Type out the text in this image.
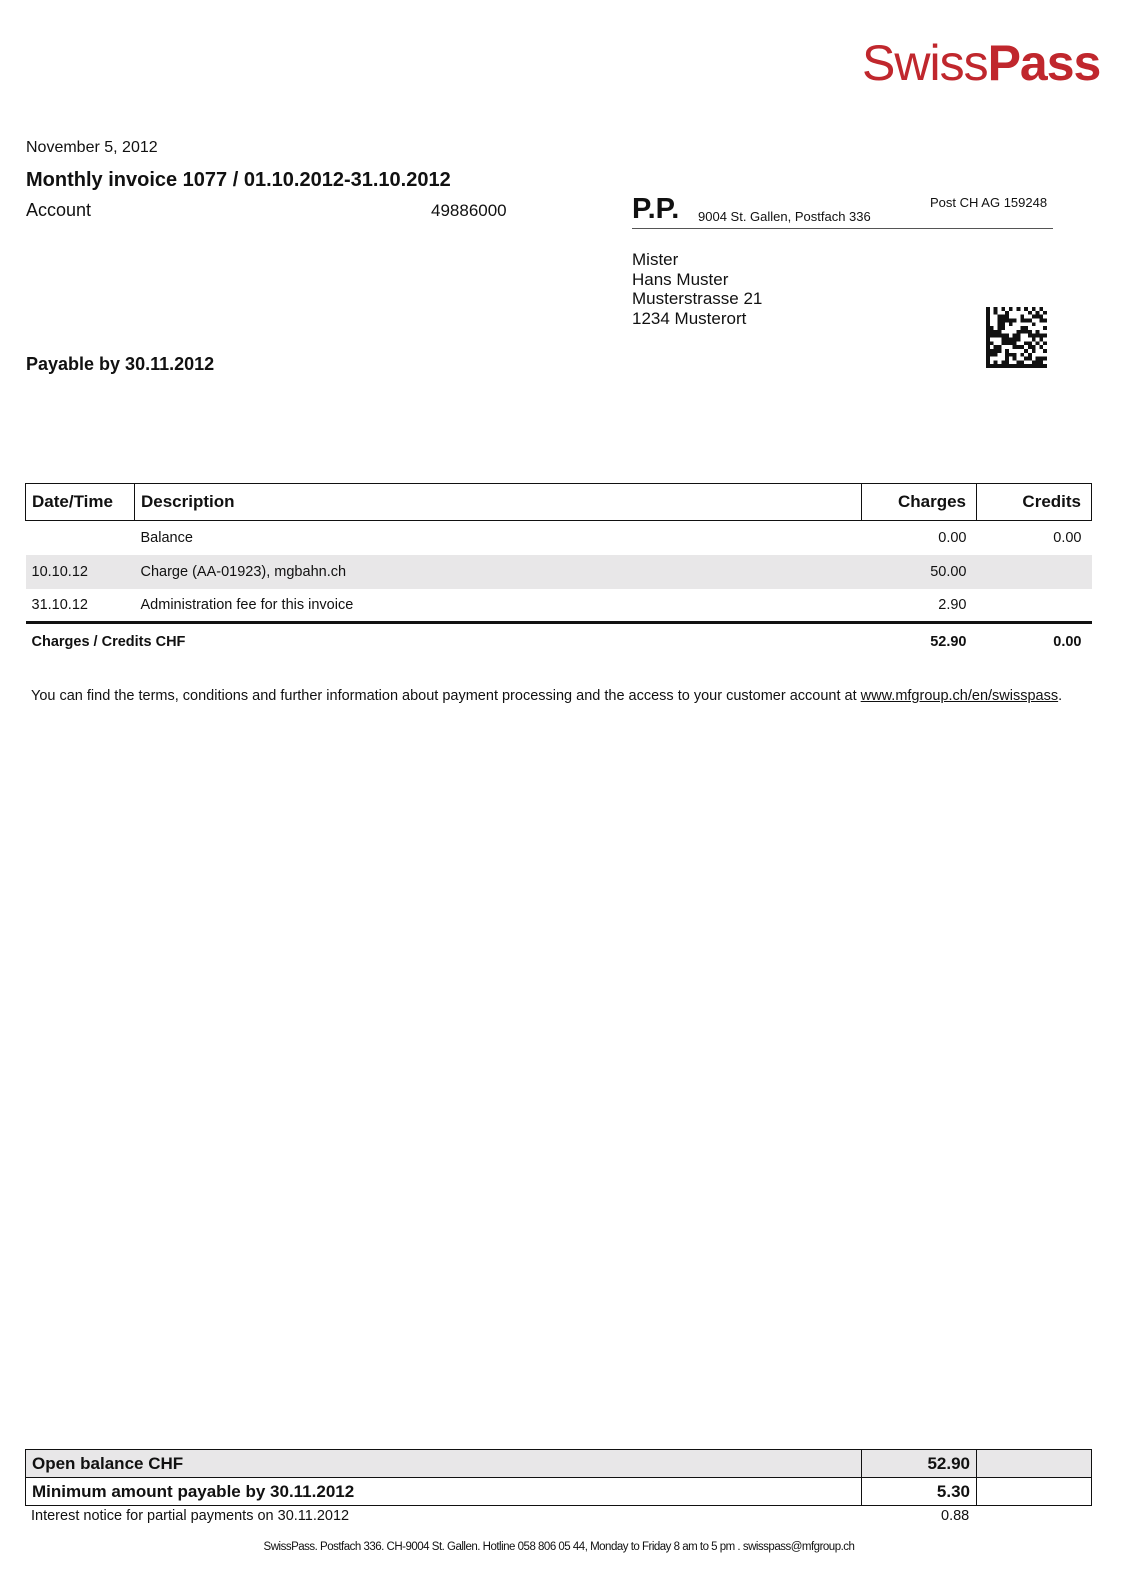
SwissPass
November 5, 2012
Monthly invoice 1077 / 01.10.2012-31.10.2012
Account	49886000
Payable by 30.11.2012
P.P. 9004 St. Gallen, Postfach 336
Post CH AG 159248
Mister
Hans Muster
Musterstrasse 21
1234 Musterort
Date/Time	Description	Charges	Credits
	Balance	0.00	0.00
10.10.12	Charge (AA-01923), mgbahn.ch	50.00	
31.10.12	Administration fee for this invoice	2.90	
Charges / Credits CHF		52.90	0.00
You can find the terms, conditions and further information about payment processing and the access to your customer account at www.mfgroup.ch/en/swisspass.
Open balance CHF	52.90	
Minimum amount payable by 30.11.2012	5.30	
Interest notice for partial payments on 30.11.2012	0.88
SwissPass. Postfach 336. CH-9004 St. Gallen. Hotline 058 806 05 44, Monday to Friday 8 am to 5 pm . swisspass@mfgroup.ch
